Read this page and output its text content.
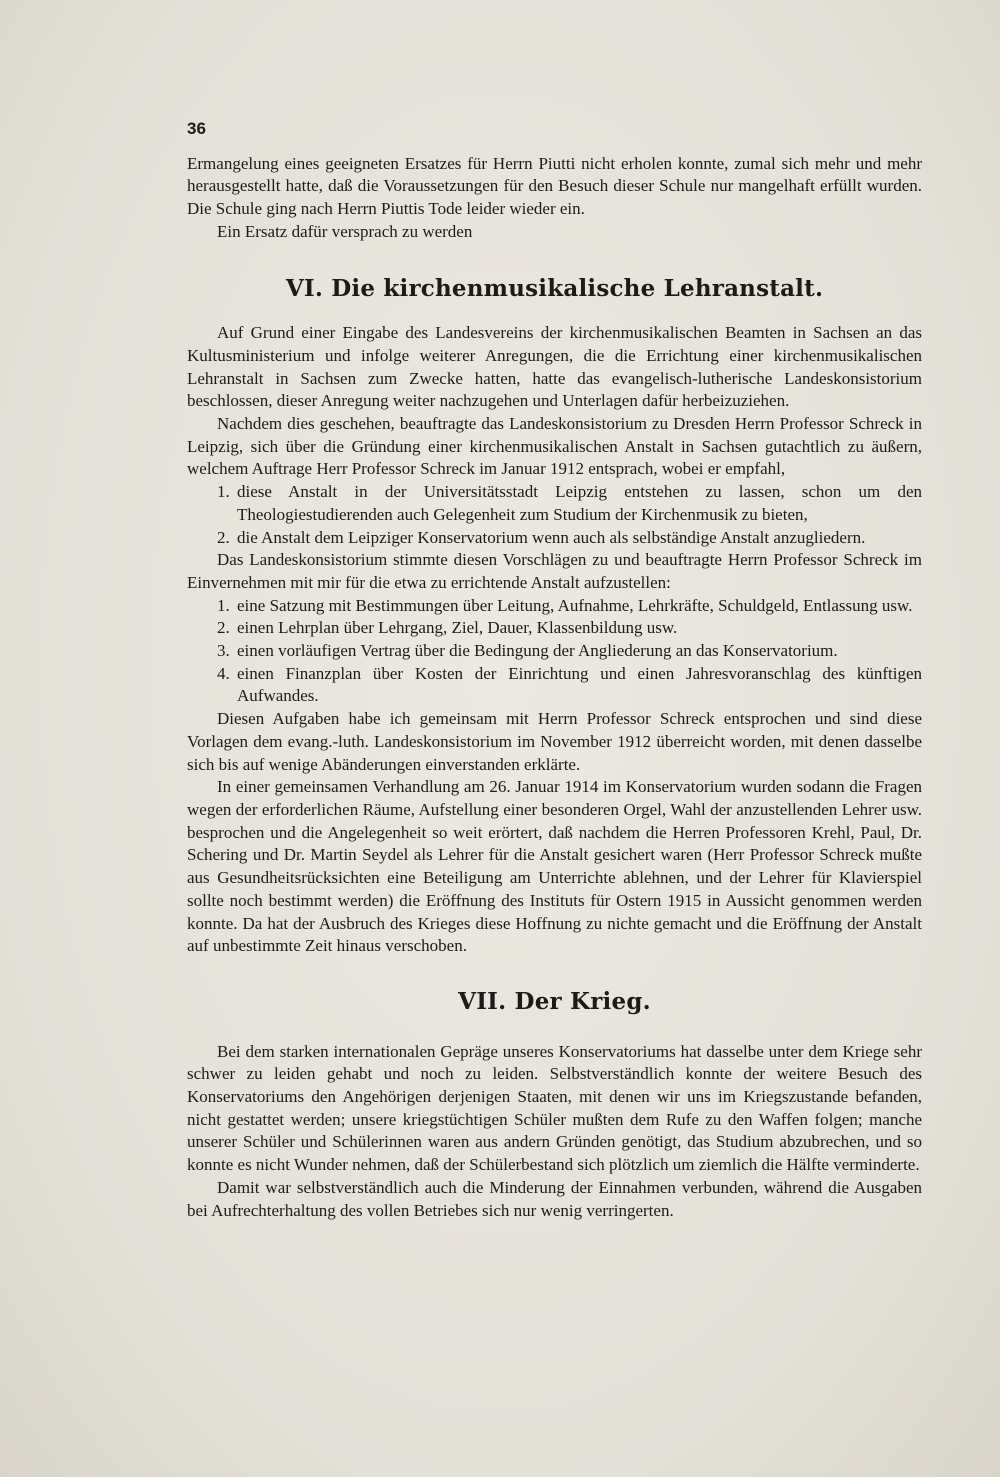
36

Ermangelung eines geeigneten Ersatzes für Herrn Piutti nicht erholen konnte, zumal sich mehr und mehr herausgestellt hatte, daß die Voraussetzungen für den Besuch dieser Schule nur mangelhaft erfüllt wurden. Die Schule ging nach Herrn Piuttis Tode leider wieder ein.

Ein Ersatz dafür versprach zu werden

VI. Die kirchenmusikalische Lehranstalt.

Auf Grund einer Eingabe des Landesvereins der kirchenmusikalischen Beamten in Sachsen an das Kultusministerium und infolge weiterer Anregungen, die die Errichtung einer kirchenmusikalischen Lehranstalt in Sachsen zum Zwecke hatten, hatte das evangelisch-lutherische Landeskonsistorium beschlossen, dieser Anregung weiter nachzugehen und Unterlagen dafür herbeizuziehen.

Nachdem dies geschehen, beauftragte das Landeskonsistorium zu Dresden Herrn Professor Schreck in Leipzig, sich über die Gründung einer kirchenmusikalischen Anstalt in Sachsen gutachtlich zu äußern, welchem Auftrage Herr Professor Schreck im Januar 1912 entsprach, wobei er empfahl,

1. diese Anstalt in der Universitätsstadt Leipzig entstehen zu lassen, schon um den Theologiestudierenden auch Gelegenheit zum Studium der Kirchenmusik zu bieten,
2. die Anstalt dem Leipziger Konservatorium wenn auch als selbständige Anstalt anzugliedern.

Das Landeskonsistorium stimmte diesen Vorschlägen zu und beauftragte Herrn Professor Schreck im Einvernehmen mit mir für die etwa zu errichtende Anstalt aufzustellen:

1. eine Satzung mit Bestimmungen über Leitung, Aufnahme, Lehrkräfte, Schuldgeld, Entlassung usw.
2. einen Lehrplan über Lehrgang, Ziel, Dauer, Klassenbildung usw.
3. einen vorläufigen Vertrag über die Bedingung der Angliederung an das Konservatorium.
4. einen Finanzplan über Kosten der Einrichtung und einen Jahresvoranschlag des künftigen Aufwandes.

Diesen Aufgaben habe ich gemeinsam mit Herrn Professor Schreck entsprochen und sind diese Vorlagen dem evang.-luth. Landeskonsistorium im November 1912 überreicht worden, mit denen dasselbe sich bis auf wenige Abänderungen einverstanden erklärte.

In einer gemeinsamen Verhandlung am 26. Januar 1914 im Konservatorium wurden sodann die Fragen wegen der erforderlichen Räume, Aufstellung einer besonderen Orgel, Wahl der anzustellenden Lehrer usw. besprochen und die Angelegenheit so weit erörtert, daß nachdem die Herren Professoren Krehl, Paul, Dr. Schering und Dr. Martin Seydel als Lehrer für die Anstalt gesichert waren (Herr Professor Schreck mußte aus Gesundheitsrücksichten eine Beteiligung am Unterrichte ablehnen, und der Lehrer für Klavierspiel sollte noch bestimmt werden) die Eröffnung des Instituts für Ostern 1915 in Aussicht genommen werden konnte. Da hat der Ausbruch des Krieges diese Hoffnung zu nichte gemacht und die Eröffnung der Anstalt auf unbestimmte Zeit hinaus verschoben.

VII. Der Krieg.

Bei dem starken internationalen Gepräge unseres Konservatoriums hat dasselbe unter dem Kriege sehr schwer zu leiden gehabt und noch zu leiden. Selbstverständlich konnte der weitere Besuch des Konservatoriums den Angehörigen derjenigen Staaten, mit denen wir uns im Kriegszustande befanden, nicht gestattet werden; unsere kriegstüchtigen Schüler mußten dem Rufe zu den Waffen folgen; manche unserer Schüler und Schülerinnen waren aus andern Gründen genötigt, das Studium abzubrechen, und so konnte es nicht Wunder nehmen, daß der Schülerbestand sich plötzlich um ziemlich die Hälfte verminderte.

Damit war selbstverständlich auch die Minderung der Einnahmen verbunden, während die Ausgaben bei Aufrechterhaltung des vollen Betriebes sich nur wenig verringerten.
